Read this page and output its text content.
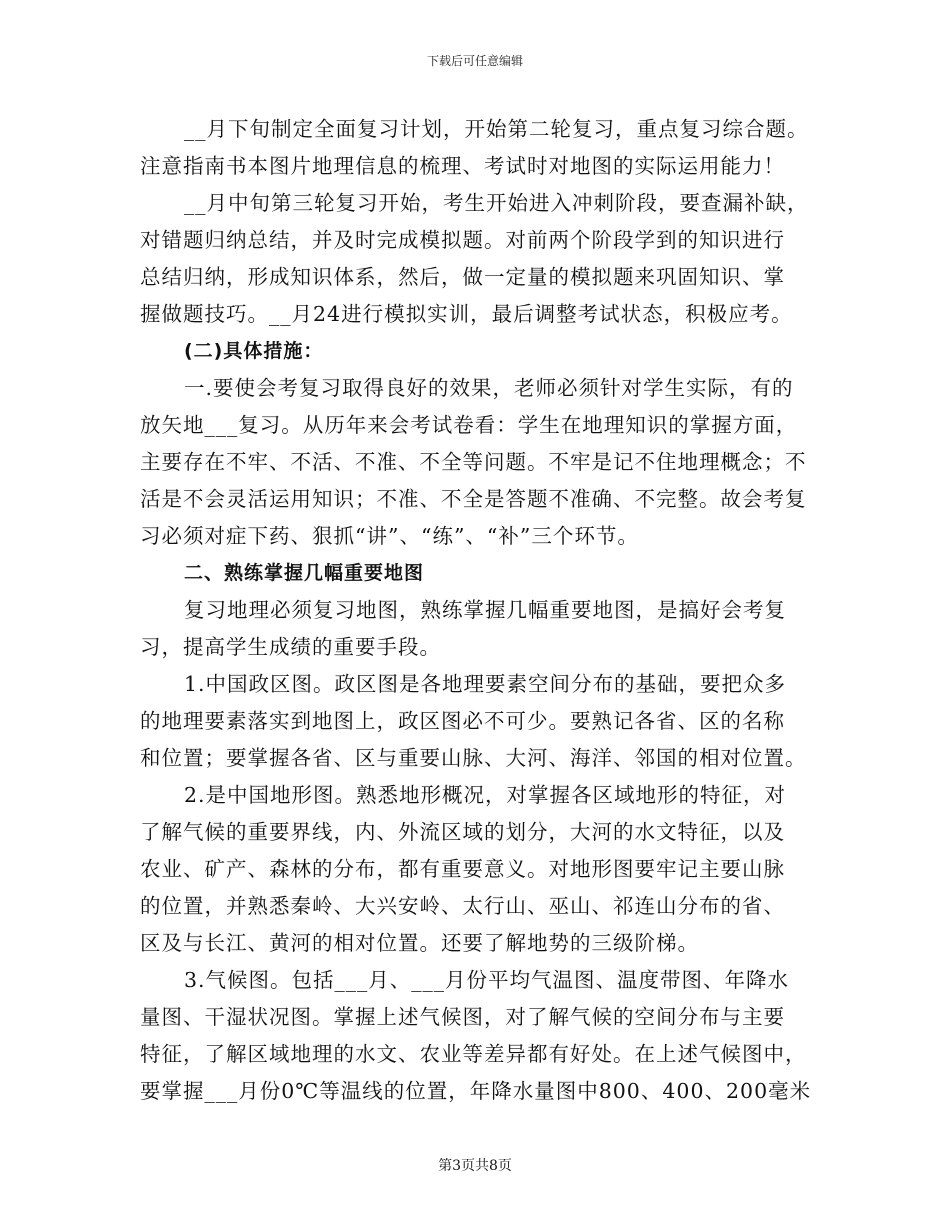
下载后可任意编辑
__月下旬制定全面复习计划，开始第二轮复习，重点复习综合题。
注意指南书本图片地理信息的梳理、考试时对地图的实际运用能力！
__月中旬第三轮复习开始，考生开始进入冲刺阶段，要查漏补缺，
对错题归纳总结，并及时完成模拟题。对前两个阶段学到的知识进行
总结归纳，形成知识体系，然后，做一定量的模拟题来巩固知识、掌
握做题技巧。__月24进行模拟实训，最后调整考试状态，积极应考。
(二)具体措施：
一.要使会考复习取得良好的效果，老师必须针对学生实际，有的
放矢地___复习。从历年来会考试卷看：学生在地理知识的掌握方面，
主要存在不牢、不活、不准、不全等问题。不牢是记不住地理概念；不
活是不会灵活运用知识；不准、不全是答题不准确、不完整。故会考复
习必须对症下药、狠抓“讲”、“练”、“补”三个环节。
二、熟练掌握几幅重要地图
复习地理必须复习地图，熟练掌握几幅重要地图，是搞好会考复
习，提高学生成绩的重要手段。
1.中国政区图。政区图是各地理要素空间分布的基础，要把众多
的地理要素落实到地图上，政区图必不可少。要熟记各省、区的名称
和位置；要掌握各省、区与重要山脉、大河、海洋、邻国的相对位置。
2.是中国地形图。熟悉地形概况，对掌握各区域地形的特征，对
了解气候的重要界线，内、外流区域的划分，大河的水文特征，以及
农业、矿产、森林的分布，都有重要意义。对地形图要牢记主要山脉
的位置，并熟悉秦岭、大兴安岭、太行山、巫山、祁连山分布的省、
区及与长江、黄河的相对位置。还要了解地势的三级阶梯。
3.气候图。包括___月、___月份平均气温图、温度带图、年降水
量图、干湿状况图。掌握上述气候图，对了解气候的空间分布与主要
特征，了解区域地理的水文、农业等差异都有好处。在上述气候图中，
要掌握___月份0℃等温线的位置，年降水量图中800、400、200毫米
第3页共8页
